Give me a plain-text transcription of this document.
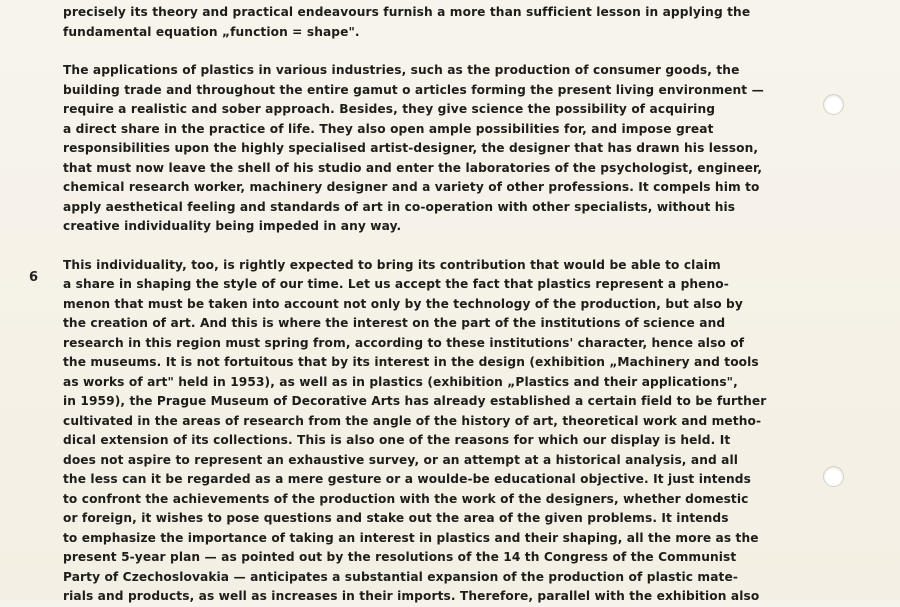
6
precisely its theory and practical endeavours furnish a more than sufficient lesson in applying the
fundamental equation „function = shape".
The applications of plastics in various industries, such as the production of consumer goods, the
building trade and throughout the entire gamut o articles forming the present living environment —
require a realistic and sober approach. Besides, they give science the possibility of acquiring
a direct share in the practice of life. They also open ample possibilities for, and impose great
responsibilities upon the highly specialised artist-designer, the designer that has drawn his lesson,
that must now leave the shell of his studio and enter the laboratories of the psychologist, engineer,
chemical research worker, machinery designer and a variety of other professions. It compels him to
apply aesthetical feeling and standards of art in co-operation with other specialists, without his
creative individuality being impeded in any way.
This individuality, too, is rightly expected to bring its contribution that would be able to claim
a share in shaping the style of our time. Let us accept the fact that plastics represent a pheno-
menon that must be taken into account not only by the technology of the production, but also by
the creation of art. And this is where the interest on the part of the institutions of science and
research in this region must spring from, according to these institutions' character, hence also of
the museums. It is not fortuitous that by its interest in the design (exhibition „Machinery and tools
as works of art" held in 1953), as well as in plastics (exhibition „Plastics and their applications",
in 1959), the Prague Museum of Decorative Arts has already established a certain field to be further
cultivated in the areas of research from the angle of the history of art, theoretical work and metho-
dical extension of its collections. This is also one of the reasons for which our display is held. It
does not aspire to represent an exhaustive survey, or an attempt at a historical analysis, and all
the less can it be regarded as a mere gesture or a woulde-be educational objective. It just intends
to confront the achievements of the production with the work of the designers, whether domestic
or foreign, it wishes to pose questions and stake out the area of the given problems. It intends
to emphasize the importance of taking an interest in plastics and their shaping, all the more as the
present 5-year plan — as pointed out by the resolutions of the 14 th Congress of the Communist
Party of Czechoslovakia — anticipates a substantial expansion of the production of plastic mate-
rials and products, as well as increases in their imports. Therefore, parallel with the exhibition also
